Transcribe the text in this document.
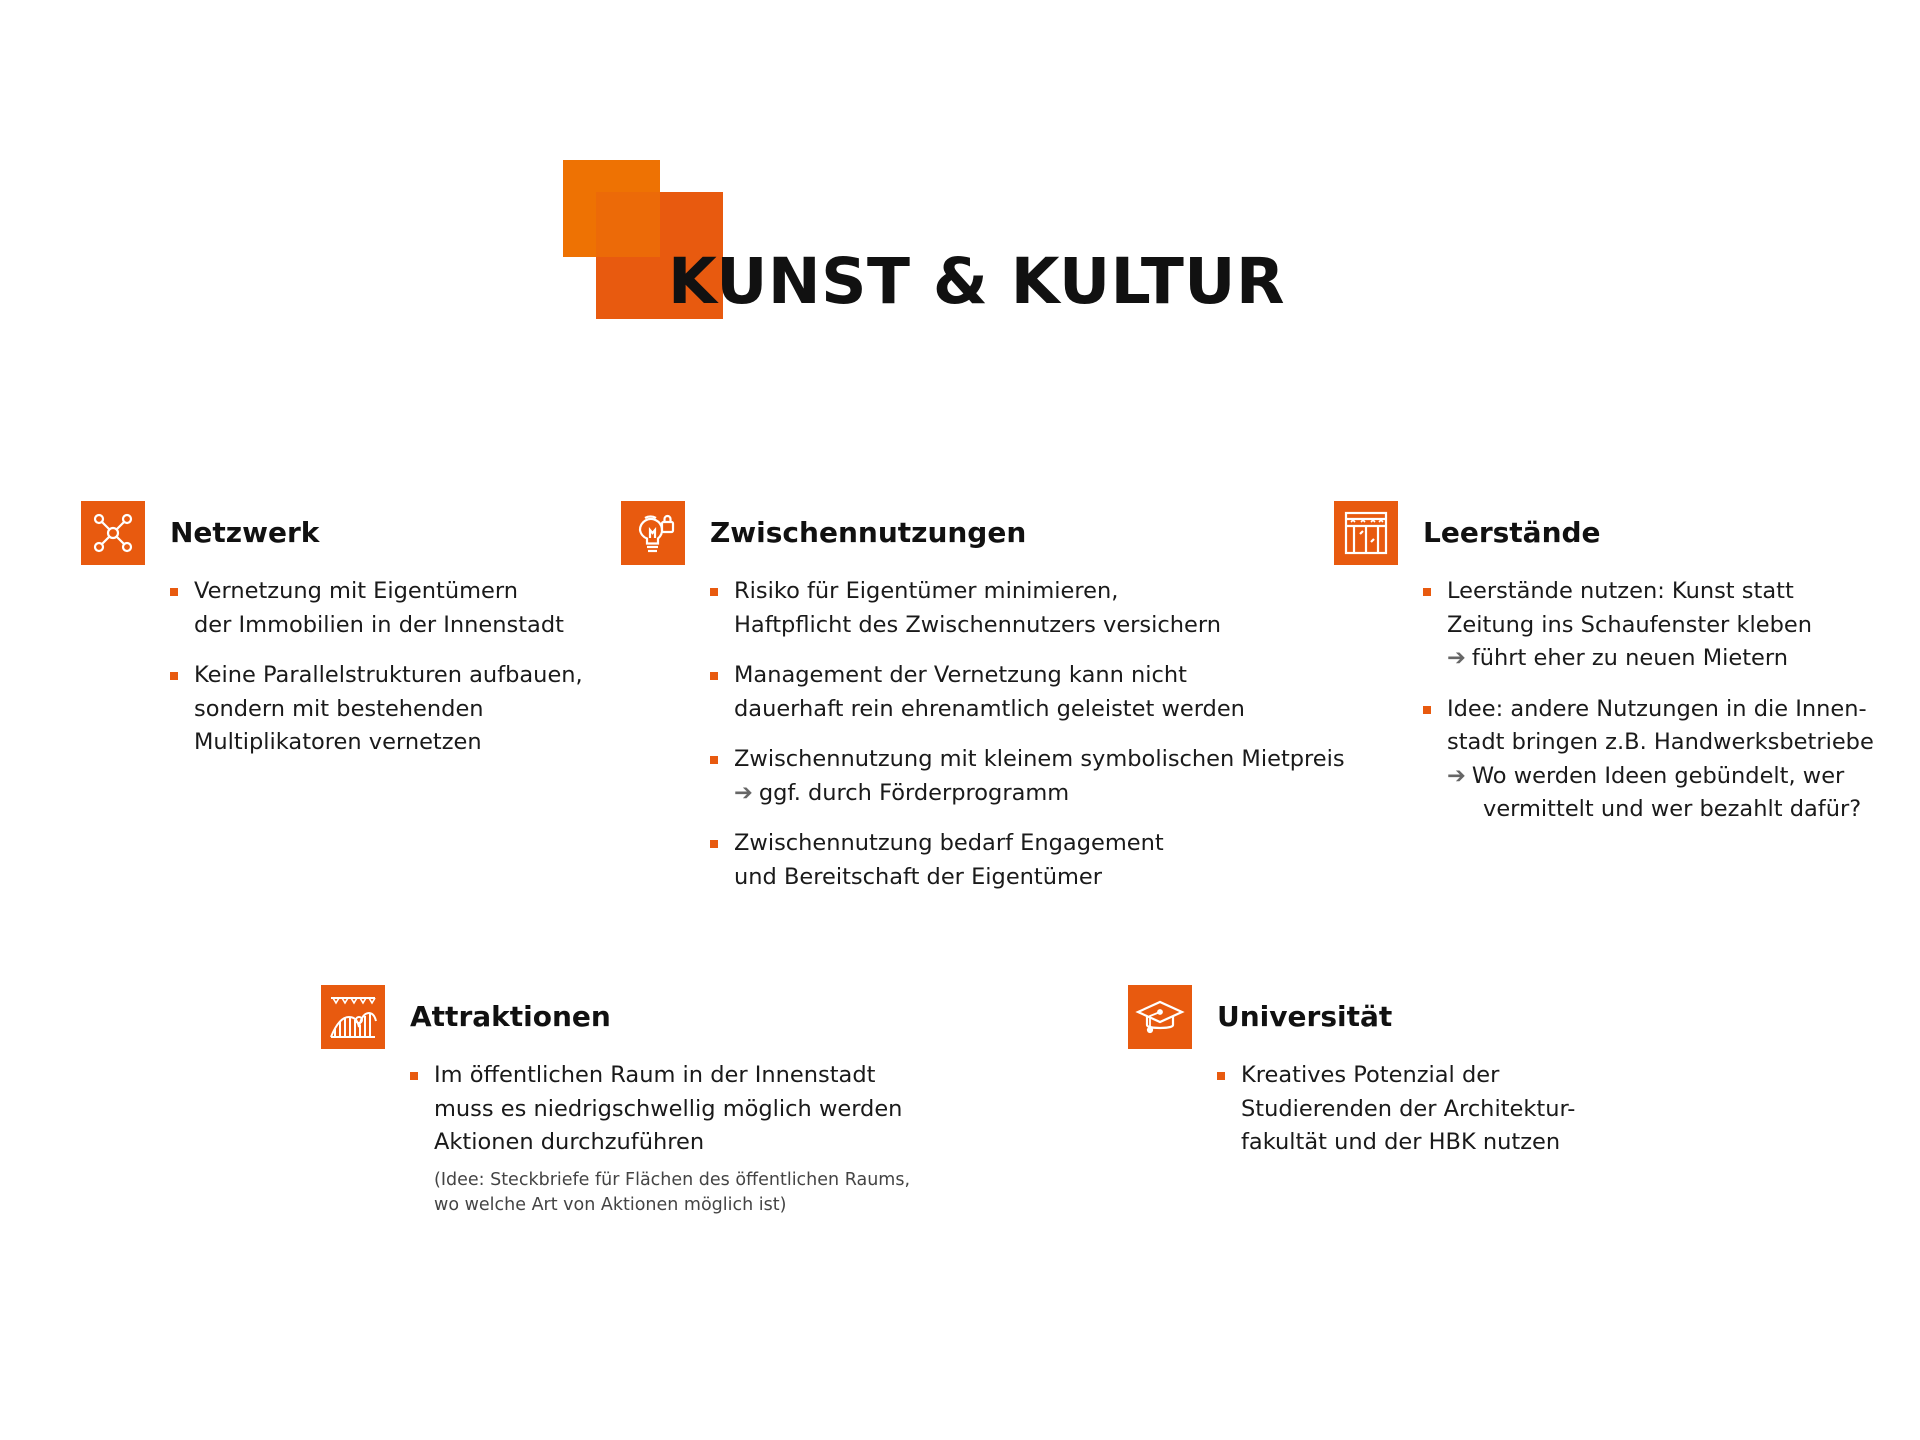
KUNST & KULTUR
Netzwerk
Vernetzung mit Eigentümern
der Immobilien in der Innenstadt
Keine Parallelstrukturen aufbauen,
sondern mit bestehenden
Multiplikatoren vernetzen
Zwischennutzungen
Risiko für Eigentümer minimieren,
Haftpflicht des Zwischennutzers versichern
Management der Vernetzung kann nicht
dauerhaft rein ehrenamtlich geleistet werden
Zwischennutzung mit kleinem symbolischen Mietpreis
➔ ggf. durch Förderprogramm
Zwischennutzung bedarf Engagement
und Bereitschaft der Eigentümer
Leerstände
Leerstände nutzen: Kunst statt
Zeitung ins Schaufenster kleben
➔ führt eher zu neuen Mietern
Idee: andere Nutzungen in die Innen-
stadt bringen z.B. Handwerksbetriebe
➔ Wo werden Ideen gebündelt, wer
vermittelt und wer bezahlt dafür?
Attraktionen
Im öffentlichen Raum in der Innenstadt
muss es niedrigschwellig möglich werden
Aktionen durchzuführen
(Idee: Steckbriefe für Flächen des öffentlichen Raums,
wo welche Art von Aktionen möglich ist)
Universität
Kreatives Potenzial der
Studierenden der Architektur-
fakultät und der HBK nutzen
